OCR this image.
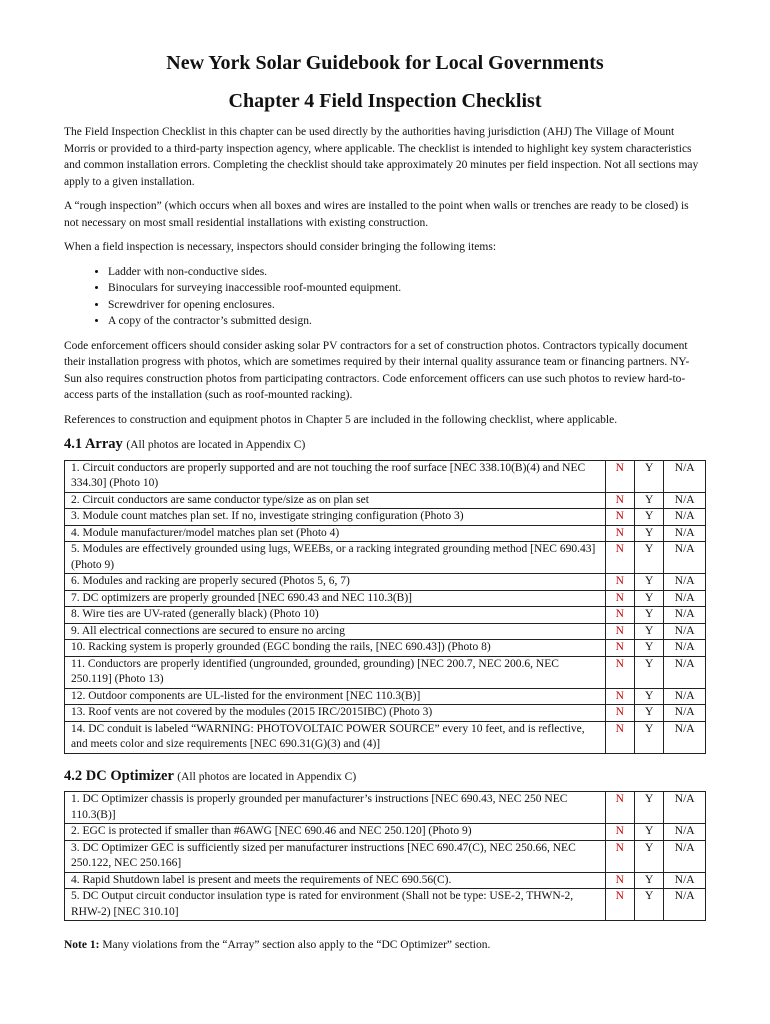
New York Solar Guidebook for Local Governments
Chapter 4 Field Inspection Checklist

The Field Inspection Checklist in this chapter can be used directly by the authorities having jurisdiction (AHJ) The Village of Mount Morris or provided to a third-party inspection agency, where applicable. The checklist is intended to highlight key system characteristics and common installation errors. Completing the checklist should take approximately 20 minutes per field inspection. Not all sections may apply to a given installation.

A “rough inspection” (which occurs when all boxes and wires are installed to the point when walls or trenches are ready to be closed) is not necessary on most small residential installations with existing construction.

When a field inspection is necessary, inspectors should consider bringing the following items:

• Ladder with non-conductive sides.
• Binoculars for surveying inaccessible roof-mounted equipment.
• Screwdriver for opening enclosures.
• A copy of the contractor’s submitted design.

Code enforcement officers should consider asking solar PV contractors for a set of construction photos. Contractors typically document their installation progress with photos, which are sometimes required by their internal quality assurance team or financing partners. NY-Sun also requires construction photos from participating contractors. Code enforcement officers can use such photos to review hard-to-access parts of the installation (such as roof-mounted racking).

References to construction and equipment photos in Chapter 5 are included in the following checklist, where applicable.

4.1 Array (All photos are located in Appendix C)
1. Circuit conductors are properly supported and are not touching the roof surface [NEC 338.10(B)(4) and NEC 334.30] (Photo 10)	N	Y	N/A
2. Circuit conductors are same conductor type/size as on plan set	N	Y	N/A
3. Module count matches plan set. If no, investigate stringing configuration (Photo 3)	N	Y	N/A
4. Module manufacturer/model matches plan set (Photo 4)	N	Y	N/A
5. Modules are effectively grounded using lugs, WEEBs, or a racking integrated grounding method [NEC 690.43] (Photo 9)	N	Y	N/A
6. Modules and racking are properly secured (Photos 5, 6, 7)	N	Y	N/A
7. DC optimizers are properly grounded [NEC 690.43 and NEC 110.3(B)]	N	Y	N/A
8. Wire ties are UV-rated (generally black) (Photo 10)	N	Y	N/A
9. All electrical connections are secured to ensure no arcing	N	Y	N/A
10. Racking system is properly grounded (EGC bonding the rails, [NEC 690.43]) (Photo 8)	N	Y	N/A
11. Conductors are properly identified (ungrounded, grounded, grounding) [NEC 200.7, NEC 200.6, NEC 250.119] (Photo 13)	N	Y	N/A
12. Outdoor components are UL-listed for the environment [NEC 110.3(B)]	N	Y	N/A
13. Roof vents are not covered by the modules (2015 IRC/2015IBC) (Photo 3)	N	Y	N/A
14. DC conduit is labeled “WARNING: PHOTOVOLTAIC POWER SOURCE” every 10 feet, and is reflective, and meets color and size requirements [NEC 690.31(G)(3) and (4)]	N	Y	N/A
4.2 DC Optimizer (All photos are located in Appendix C)
1. DC Optimizer chassis is properly grounded per manufacturer’s instructions [NEC 690.43, NEC 250 NEC 110.3(B)]	N	Y	N/A
2. EGC is protected if smaller than #6AWG [NEC 690.46 and NEC 250.120] (Photo 9)	N	Y	N/A
3. DC Optimizer GEC is sufficiently sized per manufacturer instructions [NEC 690.47(C), NEC 250.66, NEC 250.122, NEC 250.166]	N	Y	N/A
4. Rapid Shutdown label is present and meets the requirements of NEC 690.56(C).	N	Y	N/A
5. DC Output circuit conductor insulation type is rated for environment (Shall not be type: USE-2, THWN-2, RHW-2) [NEC 310.10]	N	Y	N/A

Note 1: Many violations from the “Array” section also apply to the “DC Optimizer” section.
